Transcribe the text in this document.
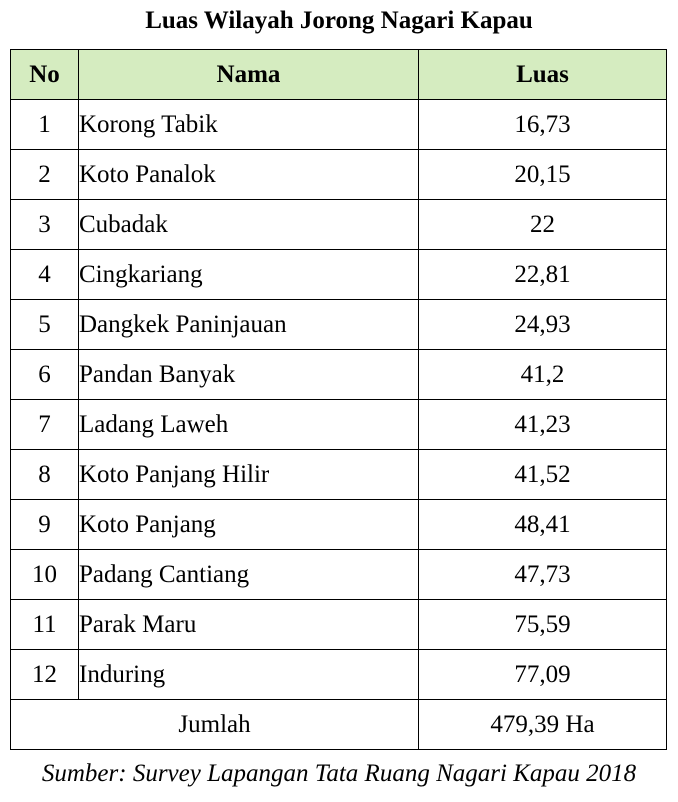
Luas Wilayah Jorong Nagari Kapau
No	Nama	Luas
1	Korong Tabik	16,73
2	Koto Panalok	20,15
3	Cubadak	22
4	Cingkariang	22,81
5	Dangkek Paninjauan	24,93
6	Pandan Banyak	41,2
7	Ladang Laweh	41,23
8	Koto Panjang Hilir	41,52
9	Koto Panjang	48,41
10	Padang Cantiang	47,73
11	Parak Maru	75,59
12	Induring	77,09
Jumlah		479,39 Ha
Sumber: Survey Lapangan Tata Ruang Nagari Kapau 2018
